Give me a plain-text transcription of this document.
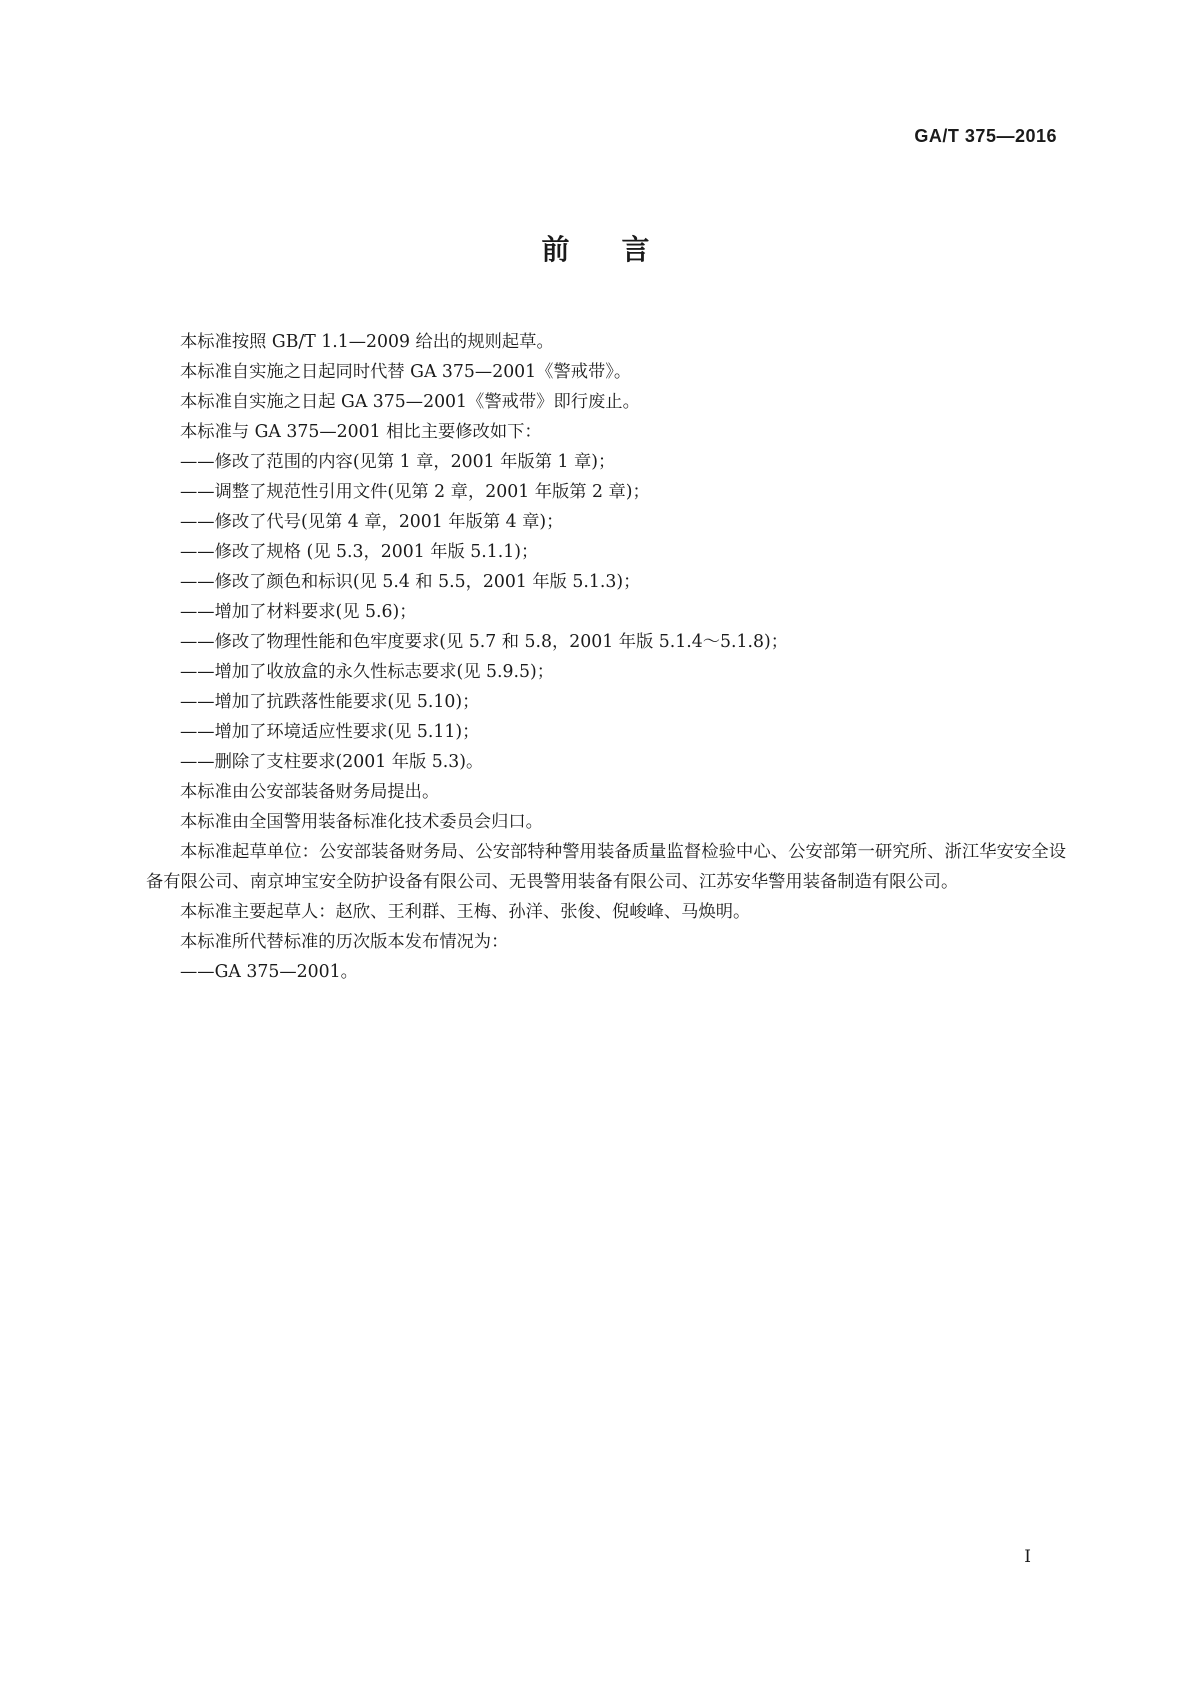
GA/T 375—2016
前言

本标准按照 GB/T 1.1—2009 给出的规则起草。

本标准自实施之日起同时代替 GA 375—2001《警戒带》。

本标准自实施之日起 GA 375—2001《警戒带》即行废止。

本标准与 GA 375—2001 相比主要修改如下：

——修改了范围的内容(见第 1 章，2001 年版第 1 章)；

——调整了规范性引用文件(见第 2 章，2001 年版第 2 章)；

——修改了代号(见第 4 章，2001 年版第 4 章)；

——修改了规格 (见 5.3，2001 年版 5.1.1)；

——修改了颜色和标识(见 5.4 和 5.5，2001 年版 5.1.3)；

——增加了材料要求(见 5.6)；

——修改了物理性能和色牢度要求(见 5.7 和 5.8，2001 年版 5.1.4～5.1.8)；

——增加了收放盒的永久性标志要求(见 5.9.5)；

——增加了抗跌落性能要求(见 5.10)；

——增加了环境适应性要求(见 5.11)；

——删除了支柱要求(2001 年版 5.3)。

本标准由公安部装备财务局提出。

本标准由全国警用装备标准化技术委员会归口。

本标准起草单位：公安部装备财务局、公安部特种警用装备质量监督检验中心、公安部第一研究所、浙江华安安全设备有限公司、南京坤宝安全防护设备有限公司、无畏警用装备有限公司、江苏安华警用装备制造有限公司。

本标准主要起草人：赵欣、王利群、王梅、孙洋、张俊、倪峻峰、马焕明。

本标准所代替标准的历次版本发布情况为：

——GA 375—2001。

I
